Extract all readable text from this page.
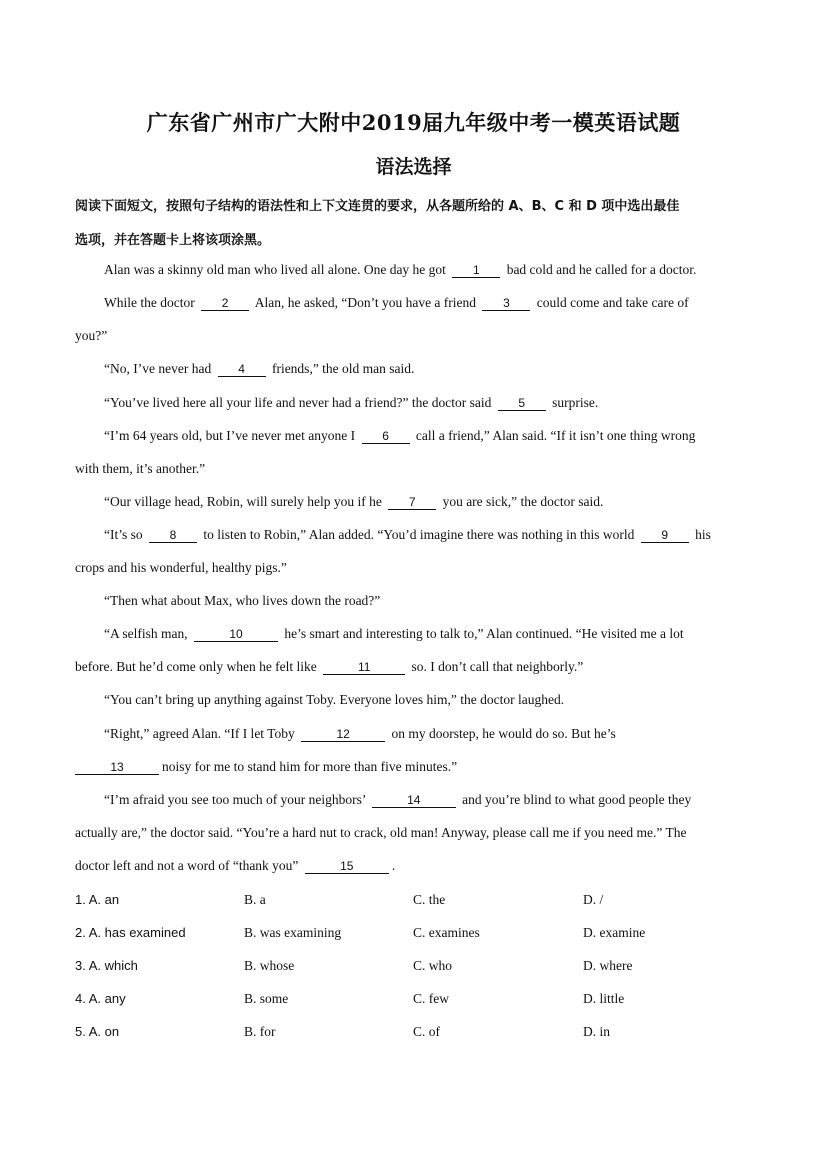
广东省广州市广大附中2019届九年级中考一模英语试题
语法选择
阅读下面短文，按照句子结构的语法性和上下文连贯的要求，从各题所给的 A、B、C 和 D 项中选出最佳
选项，并在答题卡上将该项涂黑。
Alan was a skinny old man who lived all alone. One day he got 1 bad cold and he called for a doctor.
While the doctor 2 Alan, he asked, “Don’t you have a friend 3 could come and take care of
you?”
“No, I’ve never had 4 friends,” the old man said.
“You’ve lived here all your life and never had a friend?” the doctor said 5 surprise.
“I’m 64 years old, but I’ve never met anyone I 6 call a friend,” Alan said. “If it isn’t one thing wrong
with them, it’s another.”
“Our village head, Robin, will surely help you if he 7 you are sick,” the doctor said.
“It’s so 8 to listen to Robin,” Alan added. “You’d imagine there was nothing in this world 9 his
crops and his wonderful, healthy pigs.”
“Then what about Max, who lives down the road?”
“A selfish man,	10	he’s smart and interesting to talk to,” Alan continued. “He visited me a lot
before. But he’d come only when he felt like	11	so. I don’t call that neighborly.”
“You can’t bring up anything against Toby. Everyone loves him,” the doctor laughed.
“Right,” agreed Alan. “If I let Toby	12	on my doorstep, he would do so. But he’s
13	noisy for me to stand him for more than five minutes.”
“I’m afraid you see too much of your neighbors’	14	and you’re blind to what good people they
actually are,” the doctor said. “You’re a hard nut to crack, old man! Anyway, please call me if you need me.” The
doctor left and not a word of “thank you”	15	.
1. A. an	B. a	C. the	D. /
2. A. has examined	B. was examining	C. examines	D. examine
3. A. which	B. whose	C. who	D. where
4. A. any	B. some	C. few	D. little
5. A. on	B. for	C. of	D. in
